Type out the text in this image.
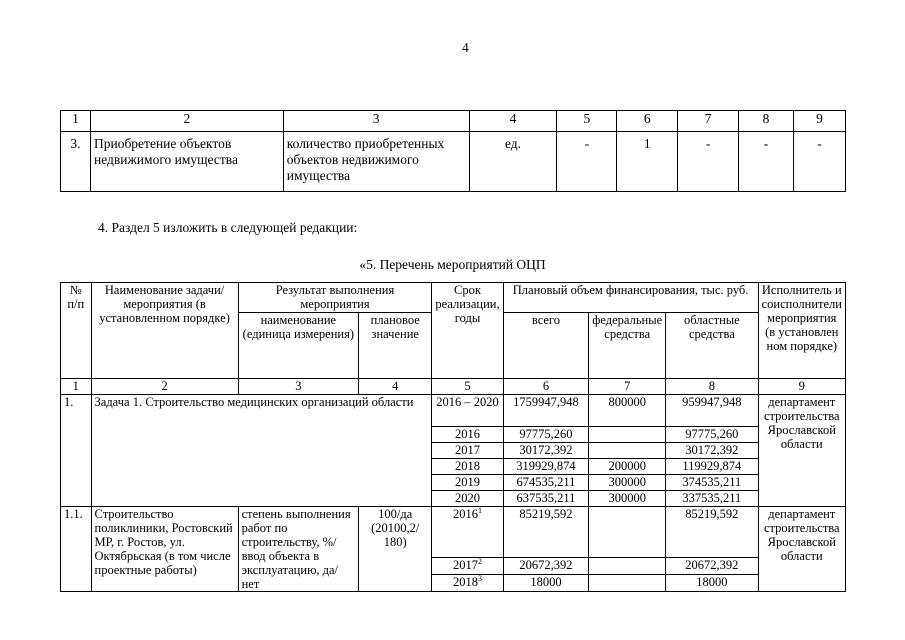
4
1	2	3	4	5	6	7	8	9
3.	Приобретение объектов недвижимого имущества	количество приобретенных объектов недвижимого имущества	ед.	-	1	-	-	-
4. Раздел 5 изложить в следующей редакции:
«5. Перечень мероприятий ОЦП
№ п/п	Наименование задачи/мероприятия (в установленном порядке)	Результат выполнения мероприятия		Срок реализации, годы	Плановый объем финансирования, тыс. руб.			Исполнитель и соисполнители мероприятия (в установлен ном порядке)
		наименование (единица измерения)	плановое значение		всего	федеральные средства	областные средства	
1	2	3	4	5	6	7	8	9
1.	Задача 1. Строительство медицинских организаций области			2016 – 2020	1759947,948	800000	959947,948	департамент строительства Ярославской области
				2016	97775,260		97775,260	
				2017	30172,392		30172,392	
				2018	319929,874	200000	119929,874	
				2019	674535,211	300000	374535,211	
				2020	637535,211	300000	337535,211	
1.1.	Строительство поликлиники, Ростовский МР, г. Ростов, ул. Октябрьская (в том числе проектные работы)	степень выполнения работ по строительству, %/ ввод объекта в эксплуатацию, да/нет	100/да (20100,2/ 180)	2016$^1$	85219,592		85219,592	департамент строительства Ярославской области
				2017$^2$	20672,392		20672,392	
				2018$^3$	18000		18000	
